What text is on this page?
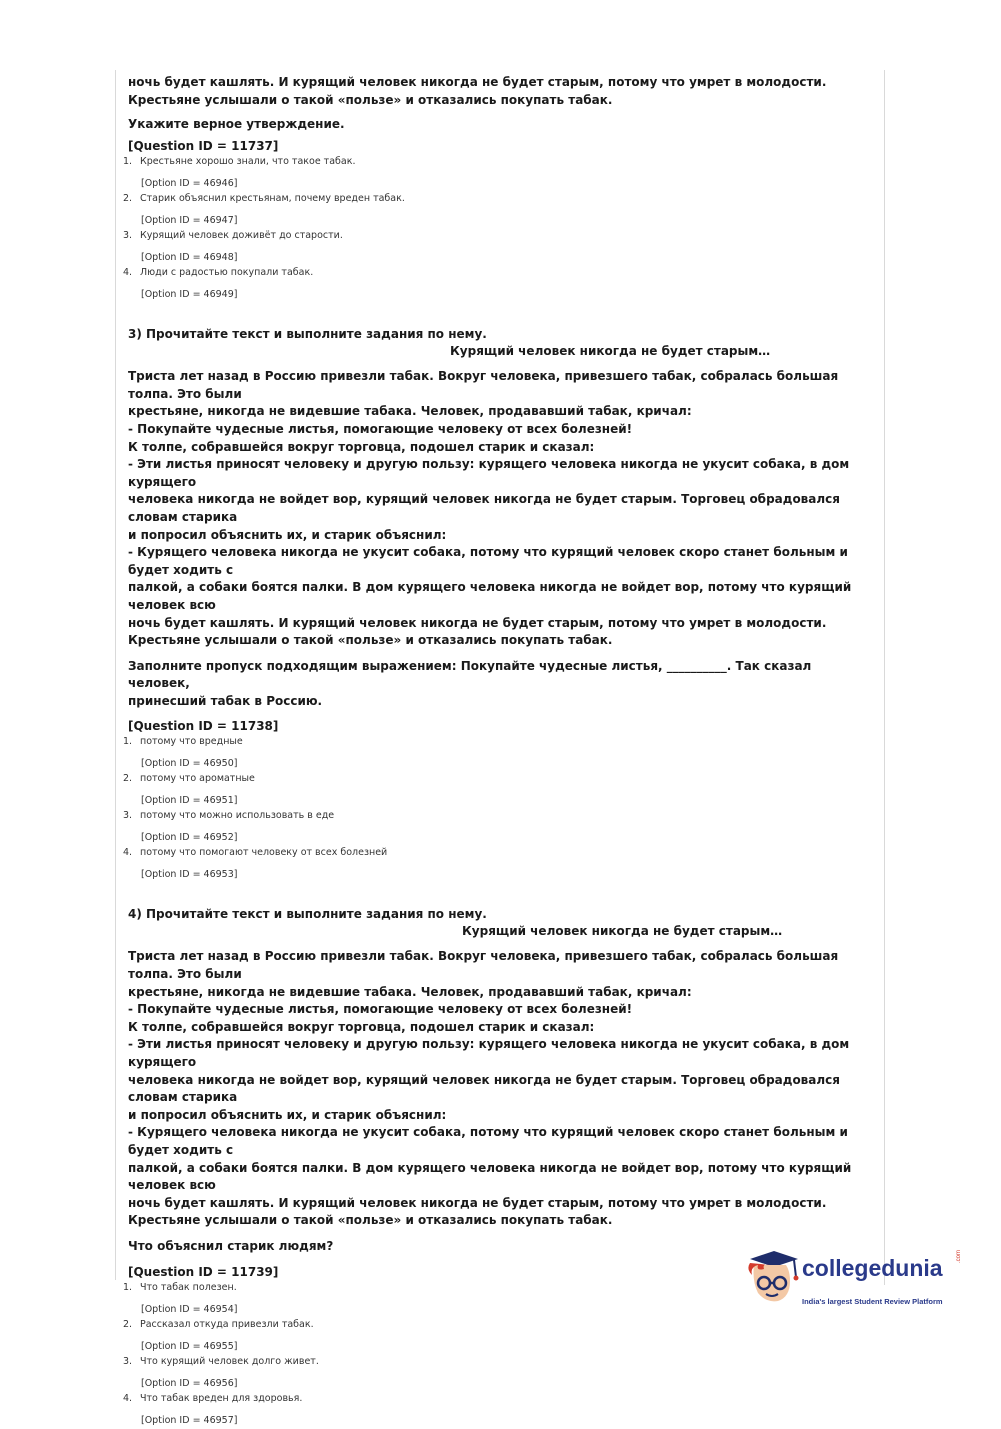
ночь будет кашлять. И курящий человек никогда не будет старым, потому что умрет в молодости.

Крестьяне услышали о такой «пользе» и отказались покупать табак.

Укажите верное утверждение.

[Question ID = 11737]

1. Крестьяне хорошо знали, что такое табак.
[Option ID = 46946]
2. Старик объяснил крестьянам, почему вреден табак.
[Option ID = 46947]
3. Курящий человек доживёт до старости.
[Option ID = 46948]
4. Люди с радостью покупали табак.
[Option ID = 46949]

3) Прочитайте текст и выполните задания по нему.

Курящий человек никогда не будет старым…

Триста лет назад в Россию привезли табак. Вокруг человека, привезшего табак, собралась большая толпа. Это были

крестьяне, никогда не видевшие табака. Человек, продававший табак, кричал:

- Покупайте чудесные листья, помогающие человеку от всех болезней!

К толпе, собравшейся вокруг торговца, подошел старик и сказал:

- Эти листья приносят человеку и другую пользу: курящего человека никогда не укусит собака, в дом курящего

человека никогда не войдет вор, курящий человек никогда не будет старым. Торговец обрадовался словам старика

и попросил объяснить их, и старик объяснил:

- Курящего человека никогда не укусит собака, потому что курящий человек скоро станет больным и будет ходить с

палкой, а собаки боятся палки. В дом курящего человека никогда не войдет вор, потому что курящий человек всю

ночь будет кашлять. И курящий человек никогда не будет старым, потому что умрет в молодости.

Крестьяне услышали о такой «пользе» и отказались покупать табак.

Заполните пропуск подходящим выражением: Покупайте чудесные листья, __________. Так сказал человек,

принесший табак в Россию.

[Question ID = 11738]

1. потому что вредные
[Option ID = 46950]
2. потому что ароматные
[Option ID = 46951]
3. потому что можно использовать в еде
[Option ID = 46952]
4. потому что помогают человеку от всех болезней
[Option ID = 46953]

4) Прочитайте текст и выполните задания по нему.

Курящий человек никогда не будет старым…

Триста лет назад в Россию привезли табак. Вокруг человека, привезшего табак, собралась большая толпа. Это были

крестьяне, никогда не видевшие табака. Человек, продававший табак, кричал:

- Покупайте чудесные листья, помогающие человеку от всех болезней!

К толпе, собравшейся вокруг торговца, подошел старик и сказал:

- Эти листья приносят человеку и другую пользу: курящего человека никогда не укусит собака, в дом курящего

человека никогда не войдет вор, курящий человек никогда не будет старым. Торговец обрадовался словам старика

и попросил объяснить их, и старик объяснил:

- Курящего человека никогда не укусит собака, потому что курящий человек скоро станет больным и будет ходить с

палкой, а собаки боятся палки. В дом курящего человека никогда не войдет вор, потому что курящий человек всю

ночь будет кашлять. И курящий человек никогда не будет старым, потому что умрет в молодости.

Крестьяне услышали о такой «пользе» и отказались покупать табак.

Что объяснил старик людям?

[Question ID = 11739]

1. Что табак полезен.
[Option ID = 46954]
2. Рассказал откуда привезли табак.
[Option ID = 46955]
3. Что курящий человек долго живет.
[Option ID = 46956]
4. Что табак вреден для здоровья.
[Option ID = 46957]
collegedunia .com
India's largest Student Review Platform
